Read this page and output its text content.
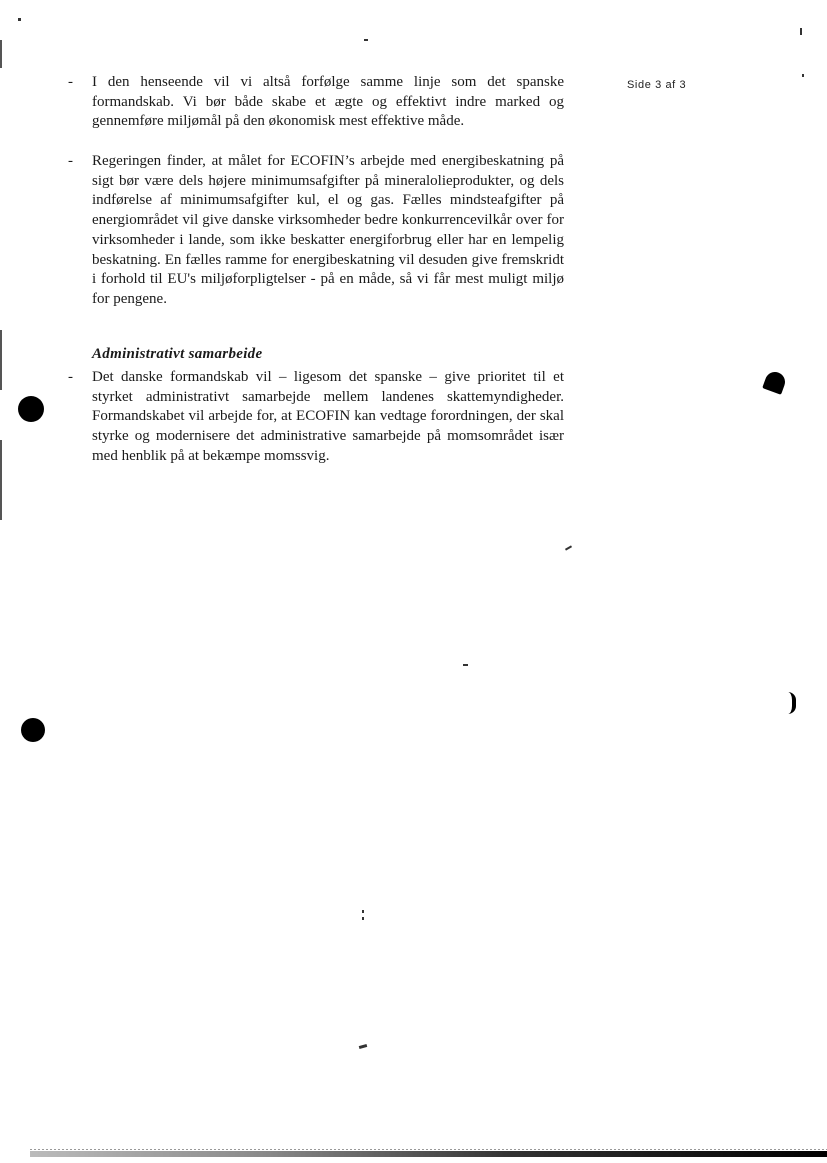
Side 3 af 3
- I den henseende vil vi altså forfølge samme linje som det spanske formandskab. Vi bør både skabe et ægte og effektivt indre marked og gennemføre miljømål på den økonomisk mest effektive måde.
- Regeringen finder, at målet for ECOFIN’s arbejde med energibeskatning på sigt bør være dels højere minimumsafgifter på mineralolieprodukter, og dels indførelse af minimumsafgifter kul, el og gas. Fælles mindsteafgifter på energiområdet vil give danske virksomheder bedre konkurrencevilkår over for virksomheder i lande, som ikke beskatter energiforbrug eller har en lempelig beskatning. En fælles ramme for energibeskatning vil desuden give fremskridt i forhold til EU's miljøforpligtelser - på en måde, så vi får mest muligt miljø for pengene.
Administrativt samarbeide
- Det danske formandskab vil – ligesom det spanske – give prioritet til et styrket administrativt samarbejde mellem landenes skattemyndigheder. Formandskabet vil arbejde for, at ECOFIN kan vedtage forordningen, der skal styrke og modernisere det administrative samarbejde på momsområdet især med henblik på at bekæmpe momssvig.
